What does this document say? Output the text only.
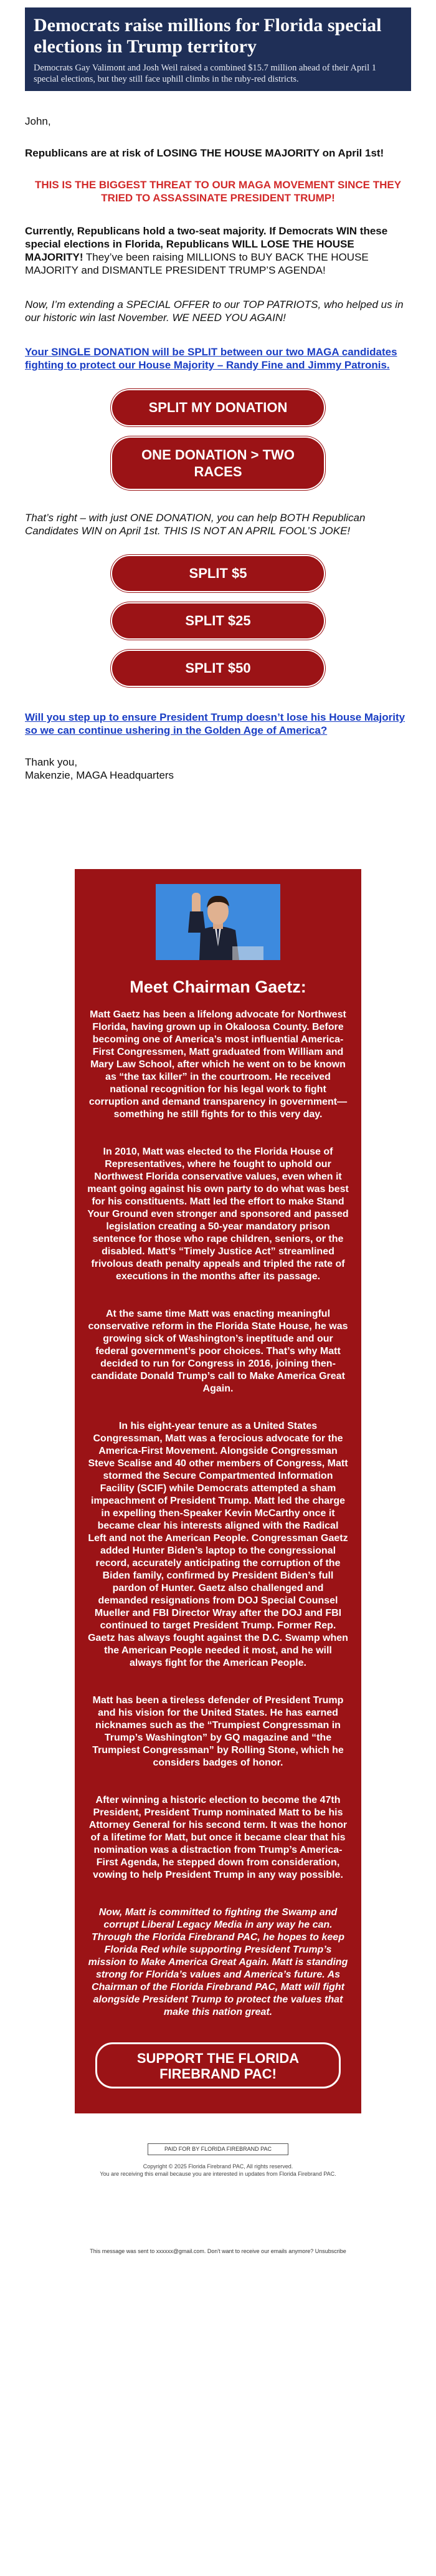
Democrats raise millions for Florida special elections in Trump territory

Democrats Gay Valimont and Josh Weil raised a combined $15.7 million ahead of their April 1 special elections, but they still face uphill climbs in the ruby-red districts.

John,

Republicans are at risk of LOSING THE HOUSE MAJORITY on April 1st!

THIS IS THE BIGGEST THREAT TO OUR MAGA MOVEMENT SINCE THEY TRIED TO ASSASSINATE PRESIDENT TRUMP!

Currently, Republicans hold a two-seat majority. If Democrats WIN these special elections in Florida, Republicans WILL LOSE THE HOUSE MAJORITY! They’ve been raising MILLIONS to BUY BACK THE HOUSE MAJORITY and DISMANTLE PRESIDENT TRUMP’S AGENDA!

Now, I’m extending a SPECIAL OFFER to our TOP PATRIOTS, who helped us in our historic win last November. WE NEED YOU AGAIN!

Your SINGLE DONATION will be SPLIT between our two MAGA candidates fighting to protect our House Majority – Randy Fine and Jimmy Patronis.

SPLIT MY DONATION
ONE DONATION > TWO
RACES

That’s right – with just ONE DONATION, you can help BOTH Republican Candidates WIN on April 1st. THIS IS NOT AN APRIL FOOL’S JOKE!

SPLIT $5
SPLIT $25
SPLIT $50

Will you step up to ensure President Trump doesn’t lose his House Majority so we can continue ushering in the Golden Age of America?

Thank you,

Makenzie, MAGA Headquarters

Meet Chairman Gaetz:

Matt Gaetz has been a lifelong advocate for Northwest Florida, having grown up in Okaloosa County. Before becoming one of America’s most influential America-First Congressmen, Matt graduated from William and Mary Law School, after which he went on to be known as “the tax killer” in the courtroom. He received national recognition for his legal work to fight corruption and demand transparency in government—something he still fights for to this very day.

In 2010, Matt was elected to the Florida House of Representatives, where he fought to uphold our Northwest Florida conservative values, even when it meant going against his own party to do what was best for his constituents. Matt led the effort to make Stand Your Ground even stronger and sponsored and passed legislation creating a 50-year mandatory prison sentence for those who rape children, seniors, or the disabled. Matt’s “Timely Justice Act” streamlined frivolous death penalty appeals and tripled the rate of executions in the months after its passage.

At the same time Matt was enacting meaningful conservative reform in the Florida State House, he was growing sick of Washington’s ineptitude and our federal government’s poor choices. That’s why Matt decided to run for Congress in 2016, joining then-candidate Donald Trump’s call to Make America Great Again.

In his eight-year tenure as a United States Congressman, Matt was a ferocious advocate for the America-First Movement. Alongside Congressman Steve Scalise and 40 other members of Congress, Matt stormed the Secure Compartmented Information Facility (SCIF) while Democrats attempted a sham impeachment of President Trump. Matt led the charge in expelling then-Speaker Kevin McCarthy once it became clear his interests aligned with the Radical Left and not the American People. Congressman Gaetz added Hunter Biden’s laptop to the congressional record, accurately anticipating the corruption of the Biden family, confirmed by President Biden’s full pardon of Hunter. Gaetz also challenged and demanded resignations from DOJ Special Counsel Mueller and FBI Director Wray after the DOJ and FBI continued to target President Trump. Former Rep. Gaetz has always fought against the D.C. Swamp when the American People needed it most, and he will always fight for the American People.

Matt has been a tireless defender of President Trump and his vision for the United States. He has earned nicknames such as the “Trumpiest Congressman in Trump’s Washington” by GQ magazine and “the Trumpiest Congressman” by Rolling Stone, which he considers badges of honor.

After winning a historic election to become the 47th President, President Trump nominated Matt to be his Attorney General for his second term. It was the honor of a lifetime for Matt, but once it became clear that his nomination was a distraction from Trump’s America-First Agenda, he stepped down from consideration, vowing to help President Trump in any way possible.

Now, Matt is committed to fighting the Swamp and corrupt Liberal Legacy Media in any way he can. Through the Florida Firebrand PAC, he hopes to keep Florida Red while supporting President Trump’s mission to Make America Great Again. Matt is standing strong for Florida’s values and America’s future. As Chairman of the Florida Firebrand PAC, Matt will fight alongside President Trump to protect the values that make this nation great.

SUPPORT THE FLORIDA
FIREBRAND PAC!
PAID FOR BY FLORIDA FIREBRAND PAC
Copyright © 2025 Florida Firebrand PAC, All rights reserved.
You are receiving this email because you are interested in updates from Florida Firebrand PAC.
This message was sent to xxxxxx@gmail.com. Don't want to receive our emails anymore? Unsubscribe
